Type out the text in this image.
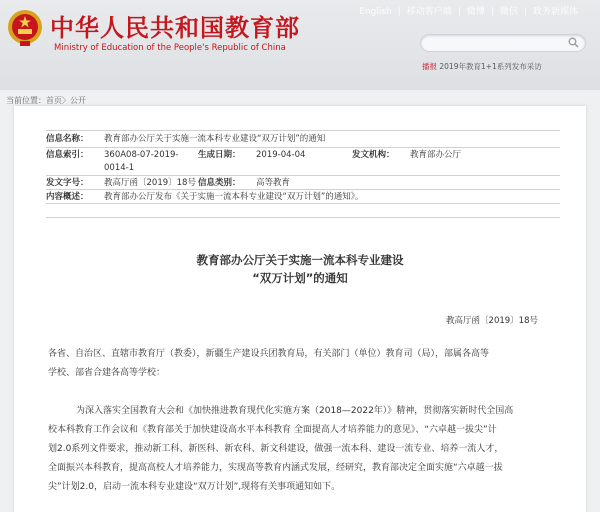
中华人民共和国教育部
Ministry of Education of the People's Republic of China
English | 移动客户端 | 微博 | 微信 | 政务新媒体
播报 2019年教育1+1系列发布采访
当前位置：首页〉公开
信息名称： 教育部办公厅关于实施一流本科专业建设“双万计划”的通知
信息索引： 360A08-07-2019- 生成日期： 2019-04-04	发文机构： 教育部办公厅
0014-1
发文字号： 教高厅函〔2019〕18号 信息类别： 高等教育
内容概述： 教育部办公厅发布《关于实施一流本科专业建设“双万计划”的通知》。
教育部办公厅关于实施一流本科专业建设
“双万计划”的通知
教高厅函〔2019〕18号
各省、自治区、直辖市教育厅（教委），新疆生产建设兵团教育局，有关部门（单位）教育司（局），部属各高等
学校、部省合建各高等学校：
为深入落实全国教育大会和《加快推进教育现代化实施方案（2018—2022年）》精神，贯彻落实新时代全国高
校本科教育工作会议和《教育部关于加快建设高水平本科教育 全面提高人才培养能力的意见》、“六卓越一拔尖”计
划2.0系列文件要求，推动新工科、新医科、新农科、新文科建设，做强一流本科、建设一流专业、培养一流人才，
全面振兴本科教育，提高高校人才培养能力，实现高等教育内涵式发展，经研究，教育部决定全面实施“六卓越一拔
尖”计划2.0，启动一流本科专业建设“双万计划”,现将有关事项通知如下。
